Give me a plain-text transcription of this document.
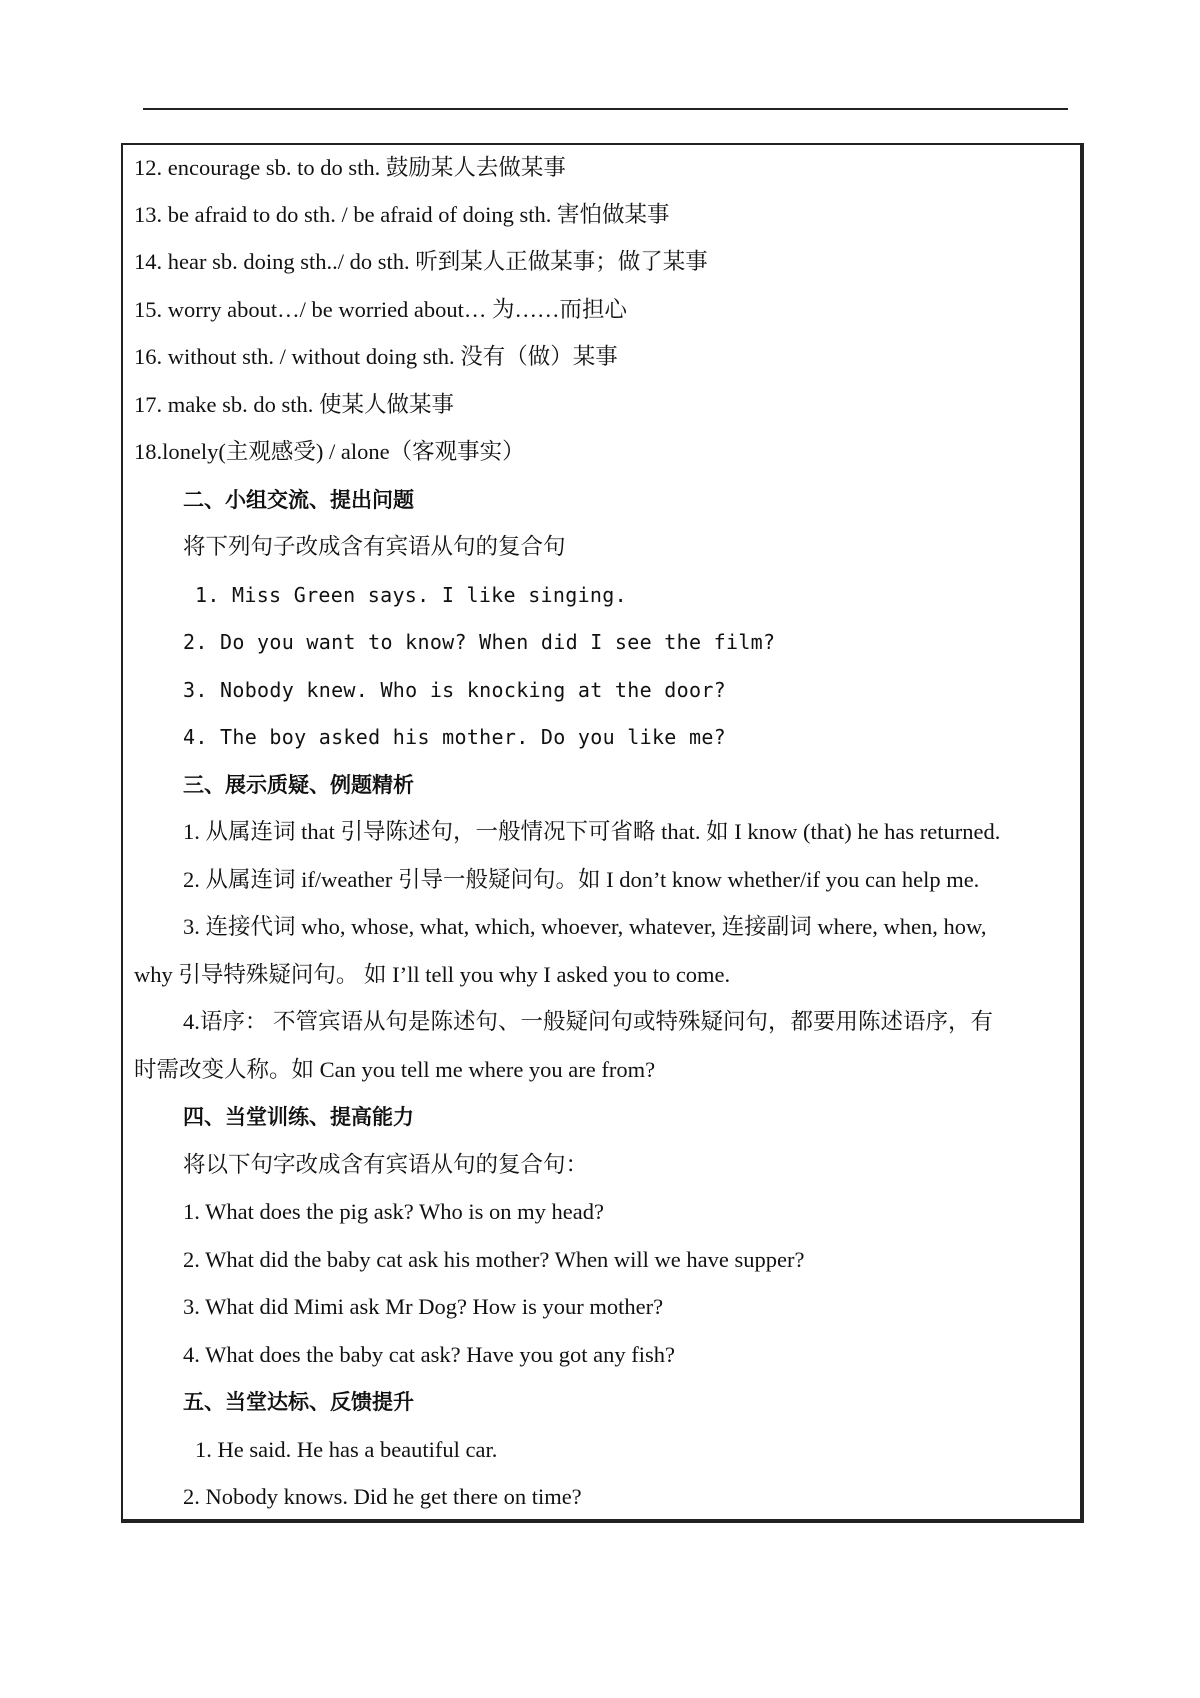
12. encourage sb. to do sth. 鼓励某人去做某事
13. be afraid to do sth. / be afraid of doing sth. 害怕做某事
14. hear sb. doing sth../ do sth. 听到某人正做某事；做了某事
15. worry about…/ be worried about… 为……而担心
16. without sth. / without doing sth. 没有（做）某事
17. make sb. do sth. 使某人做某事
18.lonely(主观感受) / alone（客观事实）
二、小组交流、提出问题
将下列句子改成含有宾语从句的复合句
1. Miss Green says. I like singing.
2. Do you want to know? When did I see the film?
3. Nobody knew. Who is knocking at the door?
4. The boy asked his mother. Do you like me?
三、展示质疑、例题精析
1. 从属连词 that 引导陈述句，一般情况下可省略 that. 如 I know (that) he has returned.
2. 从属连词 if/weather 引导一般疑问句。如 I don’t know whether/if you can help me.
3. 连接代词 who, whose, what, which, whoever, whatever, 连接副词 where, when, how,
why 引导特殊疑问句。 如 I’ll tell you why I asked you to come.
4.语序： 不管宾语从句是陈述句、一般疑问句或特殊疑问句，都要用陈述语序，有
时需改变人称。如 Can you tell me where you are from?
四、当堂训练、提高能力
将以下句字改成含有宾语从句的复合句：
1. What does the pig ask? Who is on my head?
2. What did the baby cat ask his mother? When will we have supper?
3. What did Mimi ask Mr Dog? How is your mother?
4. What does the baby cat ask? Have you got any fish?
五、当堂达标、反馈提升
1. He said. He has a beautiful car.
2. Nobody knows. Did he get there on time?
